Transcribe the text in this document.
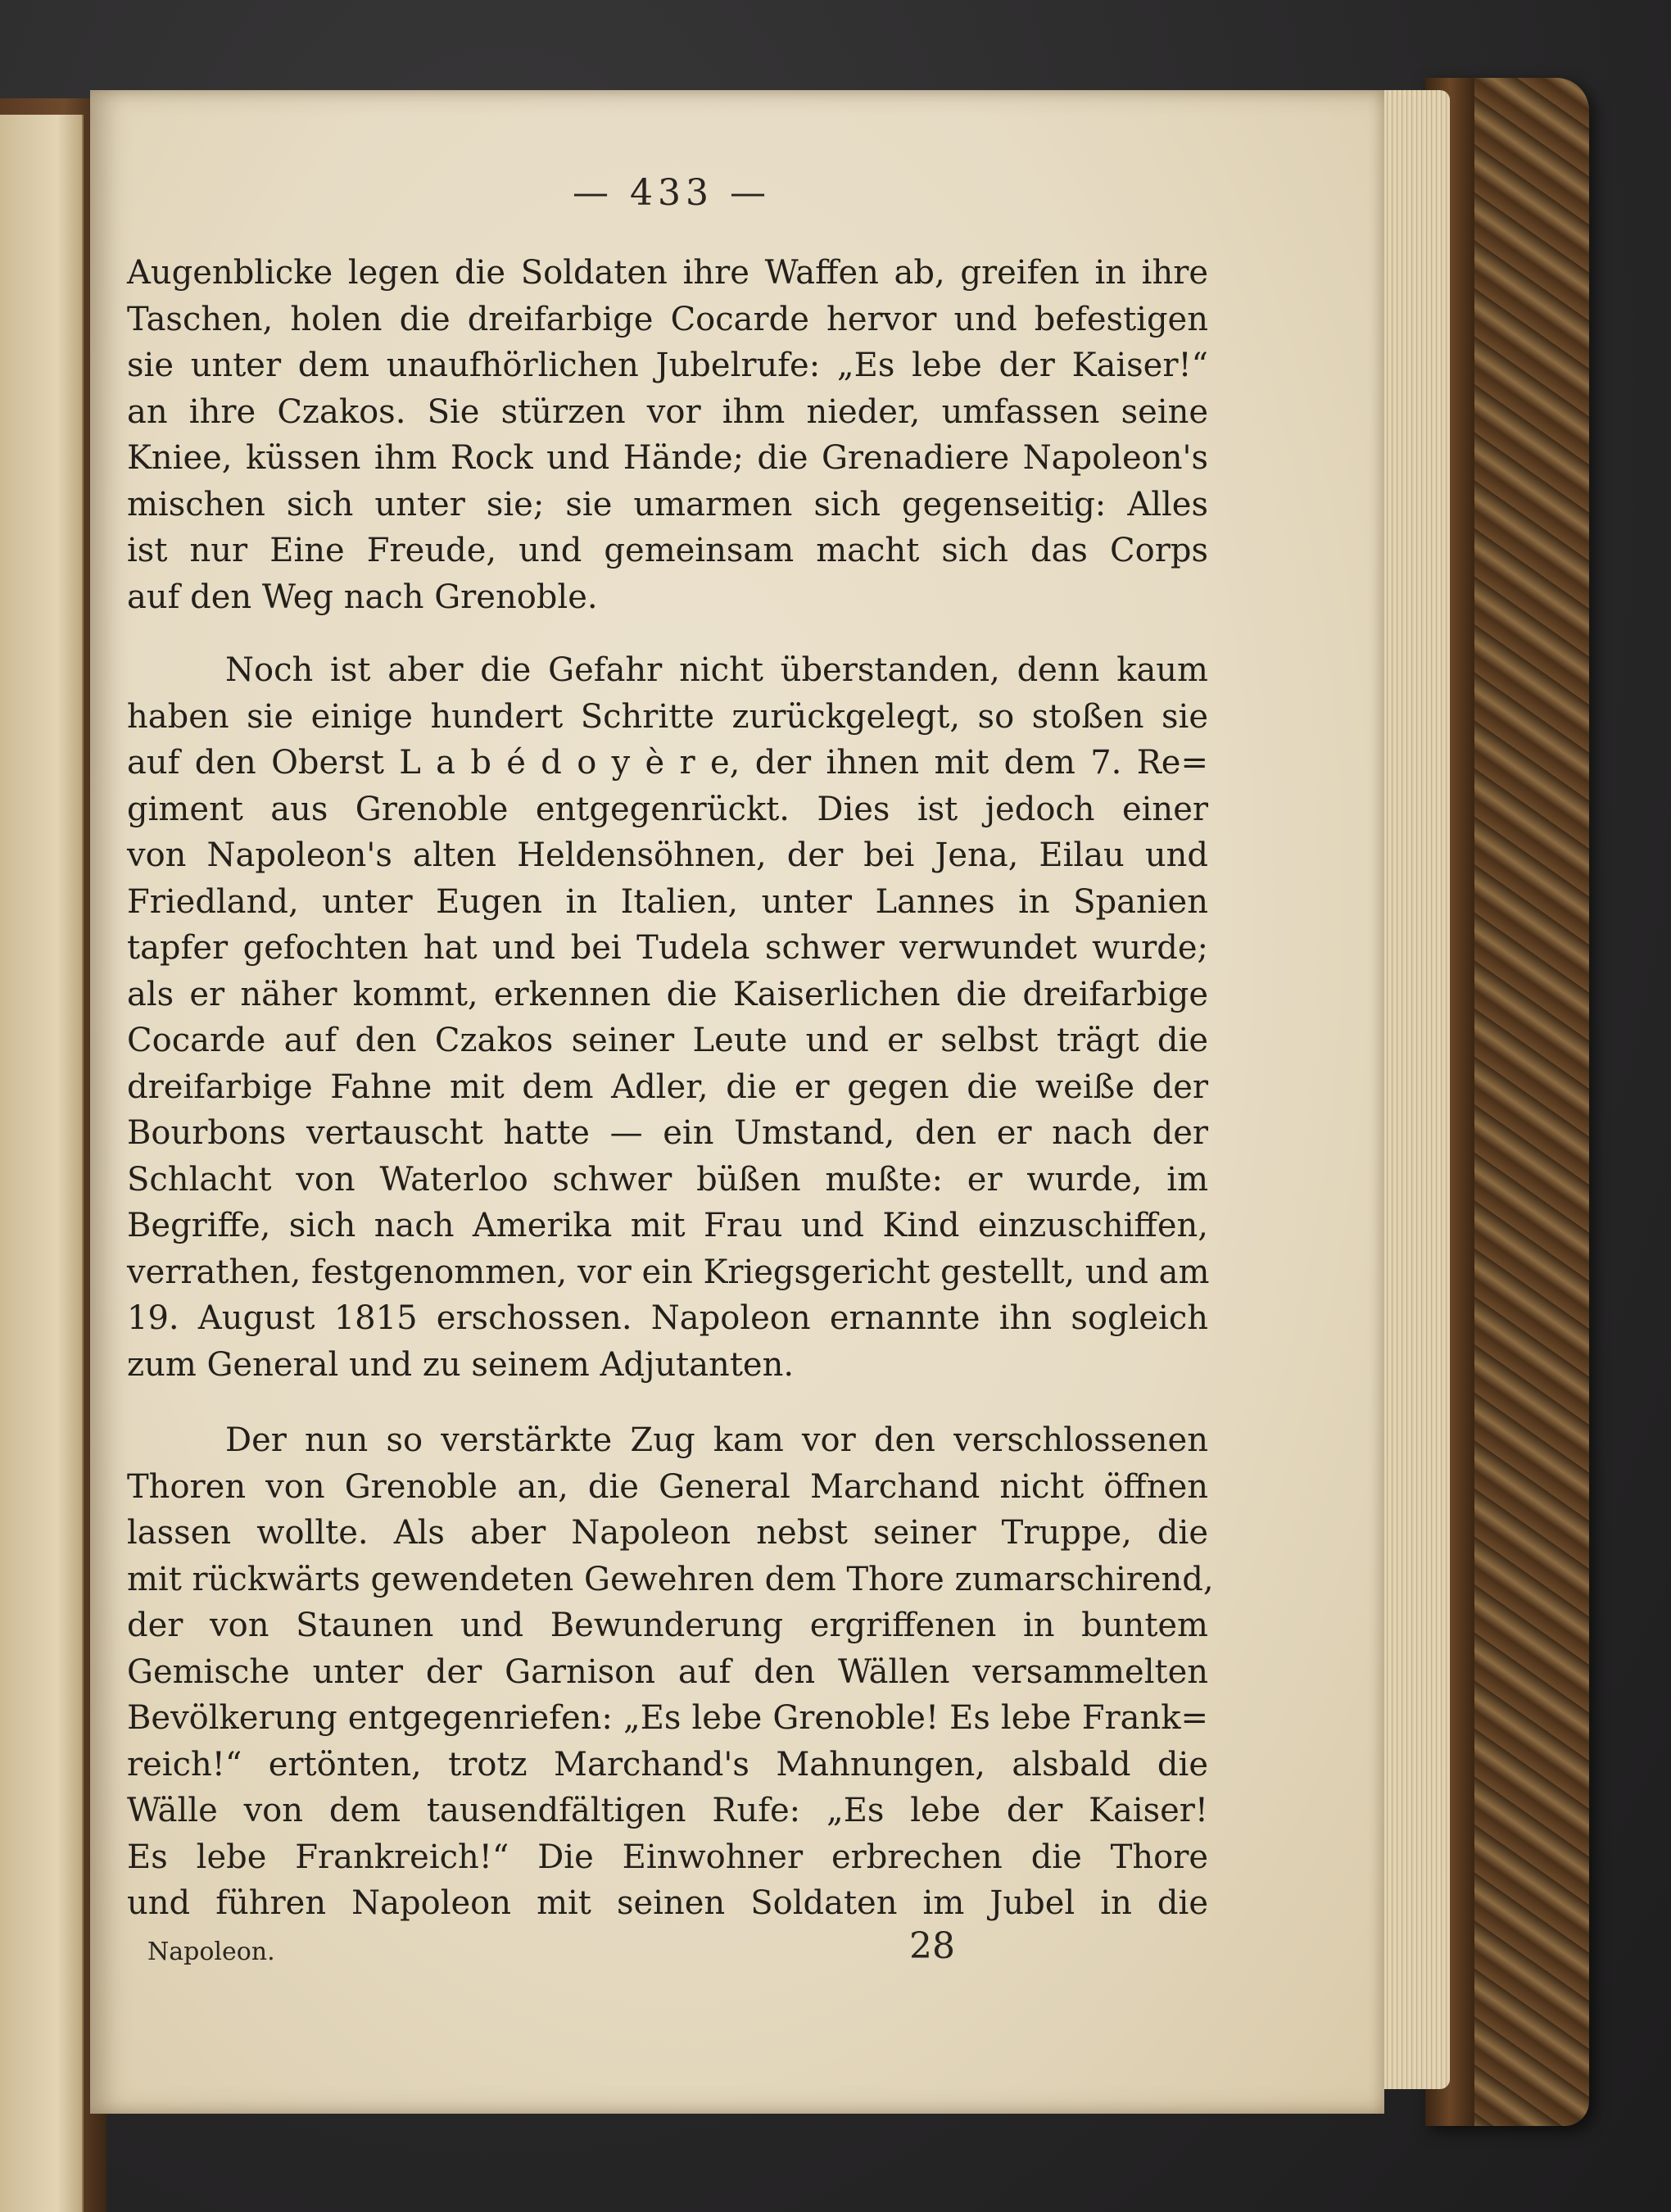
— 433 —
Augenblicke legen die Soldaten ihre Waffen ab, greifen in ihre
Taschen, holen die dreifarbige Cocarde hervor und befestigen
sie unter dem unaufhörlichen Jubelrufe: „Es lebe der Kaiser!“
an ihre Czakos. Sie stürzen vor ihm nieder, umfassen seine
Kniee, küssen ihm Rock und Hände; die Grenadiere Napoleon's
mischen sich unter sie; sie umarmen sich gegenseitig: Alles
ist nur Eine Freude, und gemeinsam macht sich das Corps
auf den Weg nach Grenoble.
Noch ist aber die Gefahr nicht überstanden, denn kaum
haben sie einige hundert Schritte zurückgelegt, so stoßen sie
auf den Oberst L a b é d o y è r e, der ihnen mit dem 7. Re=
giment aus Grenoble entgegenrückt. Dies ist jedoch einer
von Napoleon's alten Heldensöhnen, der bei Jena, Eilau und
Friedland, unter Eugen in Italien, unter Lannes in Spanien
tapfer gefochten hat und bei Tudela schwer verwundet wurde;
als er näher kommt, erkennen die Kaiserlichen die dreifarbige
Cocarde auf den Czakos seiner Leute und er selbst trägt die
dreifarbige Fahne mit dem Adler, die er gegen die weiße der
Bourbons vertauscht hatte — ein Umstand, den er nach der
Schlacht von Waterloo schwer büßen mußte: er wurde, im
Begriffe, sich nach Amerika mit Frau und Kind einzuschiffen,
verrathen, festgenommen, vor ein Kriegsgericht gestellt, und am
19. August 1815 erschossen. Napoleon ernannte ihn sogleich
zum General und zu seinem Adjutanten.
Der nun so verstärkte Zug kam vor den verschlossenen
Thoren von Grenoble an, die General Marchand nicht öffnen
lassen wollte. Als aber Napoleon nebst seiner Truppe, die
mit rückwärts gewendeten Gewehren dem Thore zumarschirend,
der von Staunen und Bewunderung ergriffenen in buntem
Gemische unter der Garnison auf den Wällen versammelten
Bevölkerung entgegenriefen: „Es lebe Grenoble! Es lebe Frank=
reich!“ ertönten, trotz Marchand's Mahnungen, alsbald die
Wälle von dem tausendfältigen Rufe: „Es lebe der Kaiser!
Es lebe Frankreich!“ Die Einwohner erbrechen die Thore
und führen Napoleon mit seinen Soldaten im Jubel in die
Napoleon.	28
